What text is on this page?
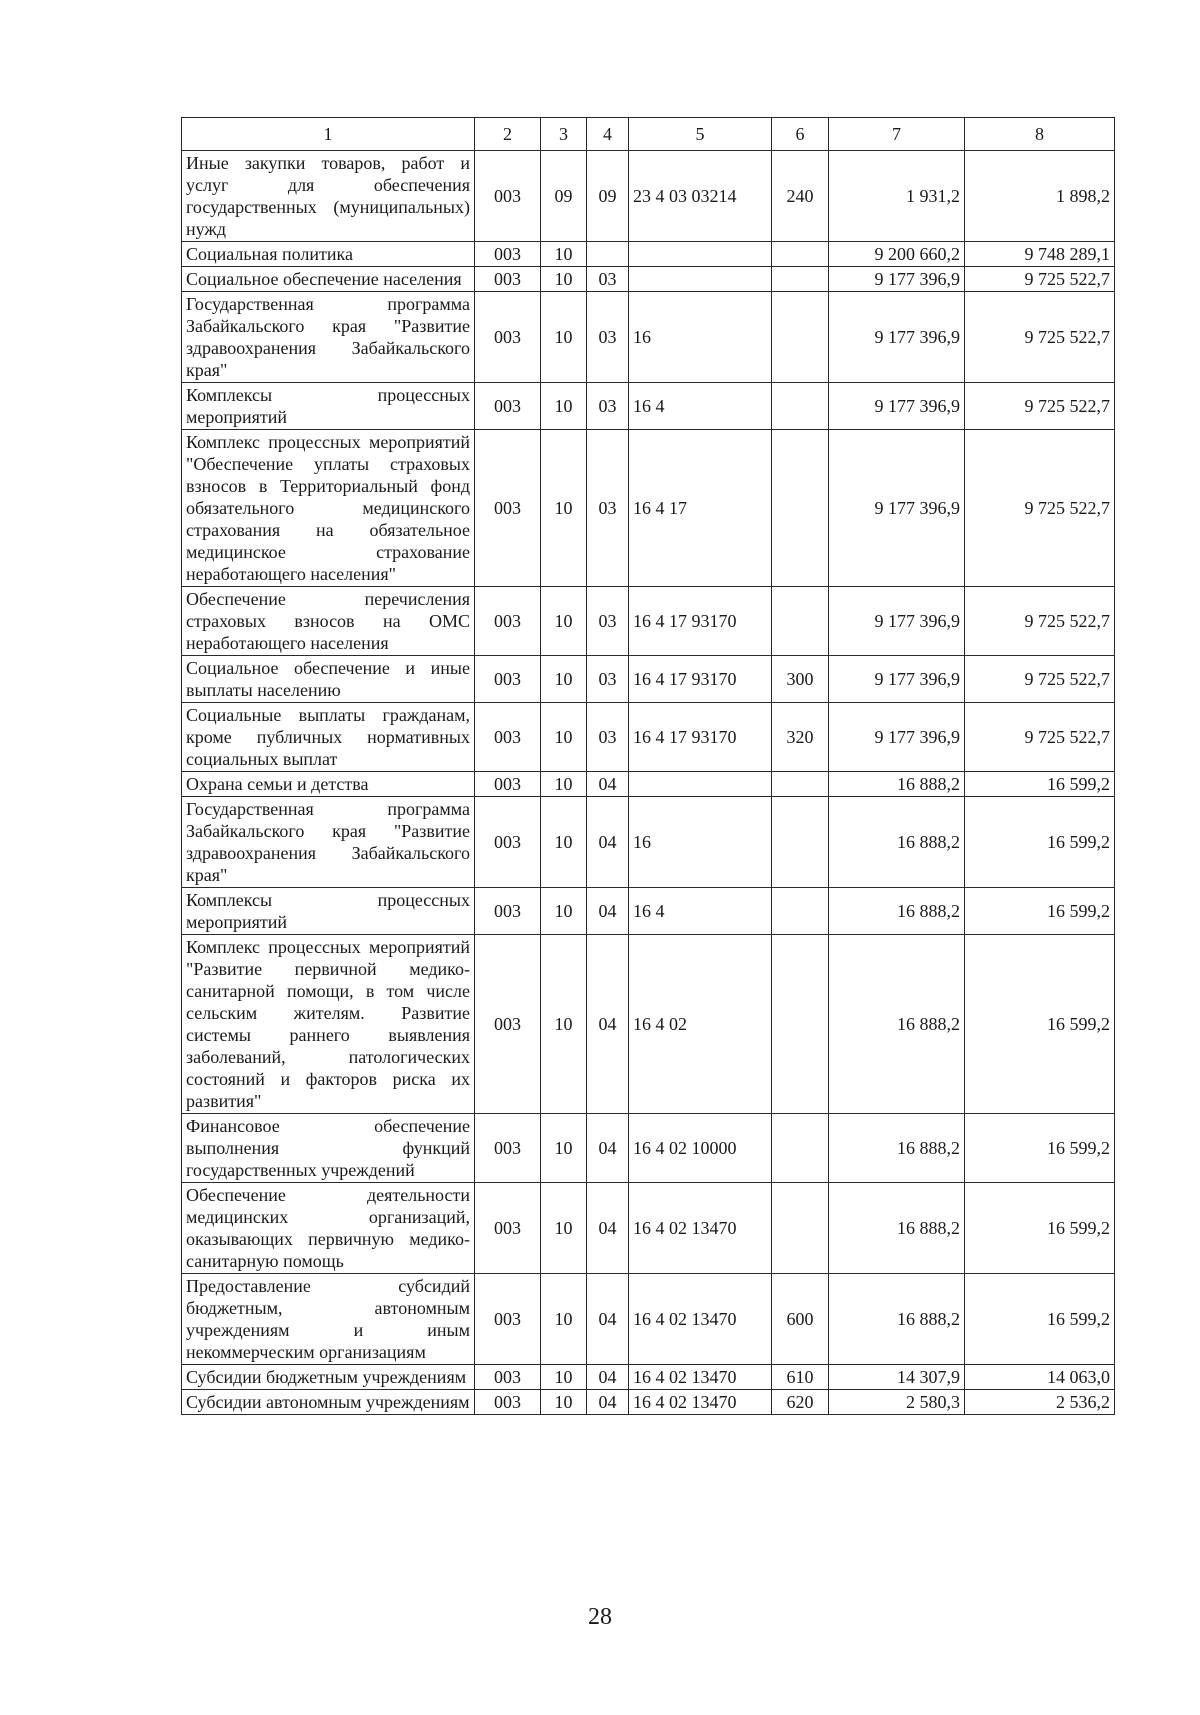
1	2	3	4	5	6	7	8
Иные закупки товаров, работ и услуг для обеспечения государственных (муниципальных) нужд	003	09	09	23 4 03 03214	240	1 931,2	1 898,2
Социальная политика	003	10				9 200 660,2	9 748 289,1
Социальное обеспечение населения	003	10	03			9 177 396,9	9 725 522,7
Государственная программа Забайкальского края "Развитие здравоохранения Забайкальского края"	003	10	03	16		9 177 396,9	9 725 522,7
Комплексы процессных мероприятий	003	10	03	16 4		9 177 396,9	9 725 522,7
Комплекс процессных мероприятий "Обеспечение уплаты страховых взносов в Территориальный фонд обязательного медицинского страхования на обязательное медицинское страхование неработающего населения"	003	10	03	16 4 17		9 177 396,9	9 725 522,7
Обеспечение перечисления страховых взносов на ОМС неработающего населения	003	10	03	16 4 17 93170		9 177 396,9	9 725 522,7
Социальное обеспечение и иные выплаты населению	003	10	03	16 4 17 93170	300	9 177 396,9	9 725 522,7
Социальные выплаты гражданам, кроме публичных нормативных социальных выплат	003	10	03	16 4 17 93170	320	9 177 396,9	9 725 522,7
Охрана семьи и детства	003	10	04			16 888,2	16 599,2
Государственная программа Забайкальского края "Развитие здравоохранения Забайкальского края"	003	10	04	16		16 888,2	16 599,2
Комплексы процессных мероприятий	003	10	04	16 4		16 888,2	16 599,2
Комплекс процессных мероприятий "Развитие первичной медико-санитарной помощи, в том числе сельским жителям. Развитие системы раннего выявления заболеваний, патологических состояний и факторов риска их развития"	003	10	04	16 4 02		16 888,2	16 599,2
Финансовое обеспечение выполнения функций государственных учреждений	003	10	04	16 4 02 10000		16 888,2	16 599,2
Обеспечение деятельности медицинских организаций, оказывающих первичную медико-санитарную помощь	003	10	04	16 4 02 13470		16 888,2	16 599,2
Предоставление субсидий бюджетным, автономным учреждениям и иным некоммерческим организациям	003	10	04	16 4 02 13470	600	16 888,2	16 599,2
Субсидии бюджетным учреждениям	003	10	04	16 4 02 13470	610	14 307,9	14 063,0
Субсидии автономным учреждениям	003	10	04	16 4 02 13470	620	2 580,3	2 536,2
28
